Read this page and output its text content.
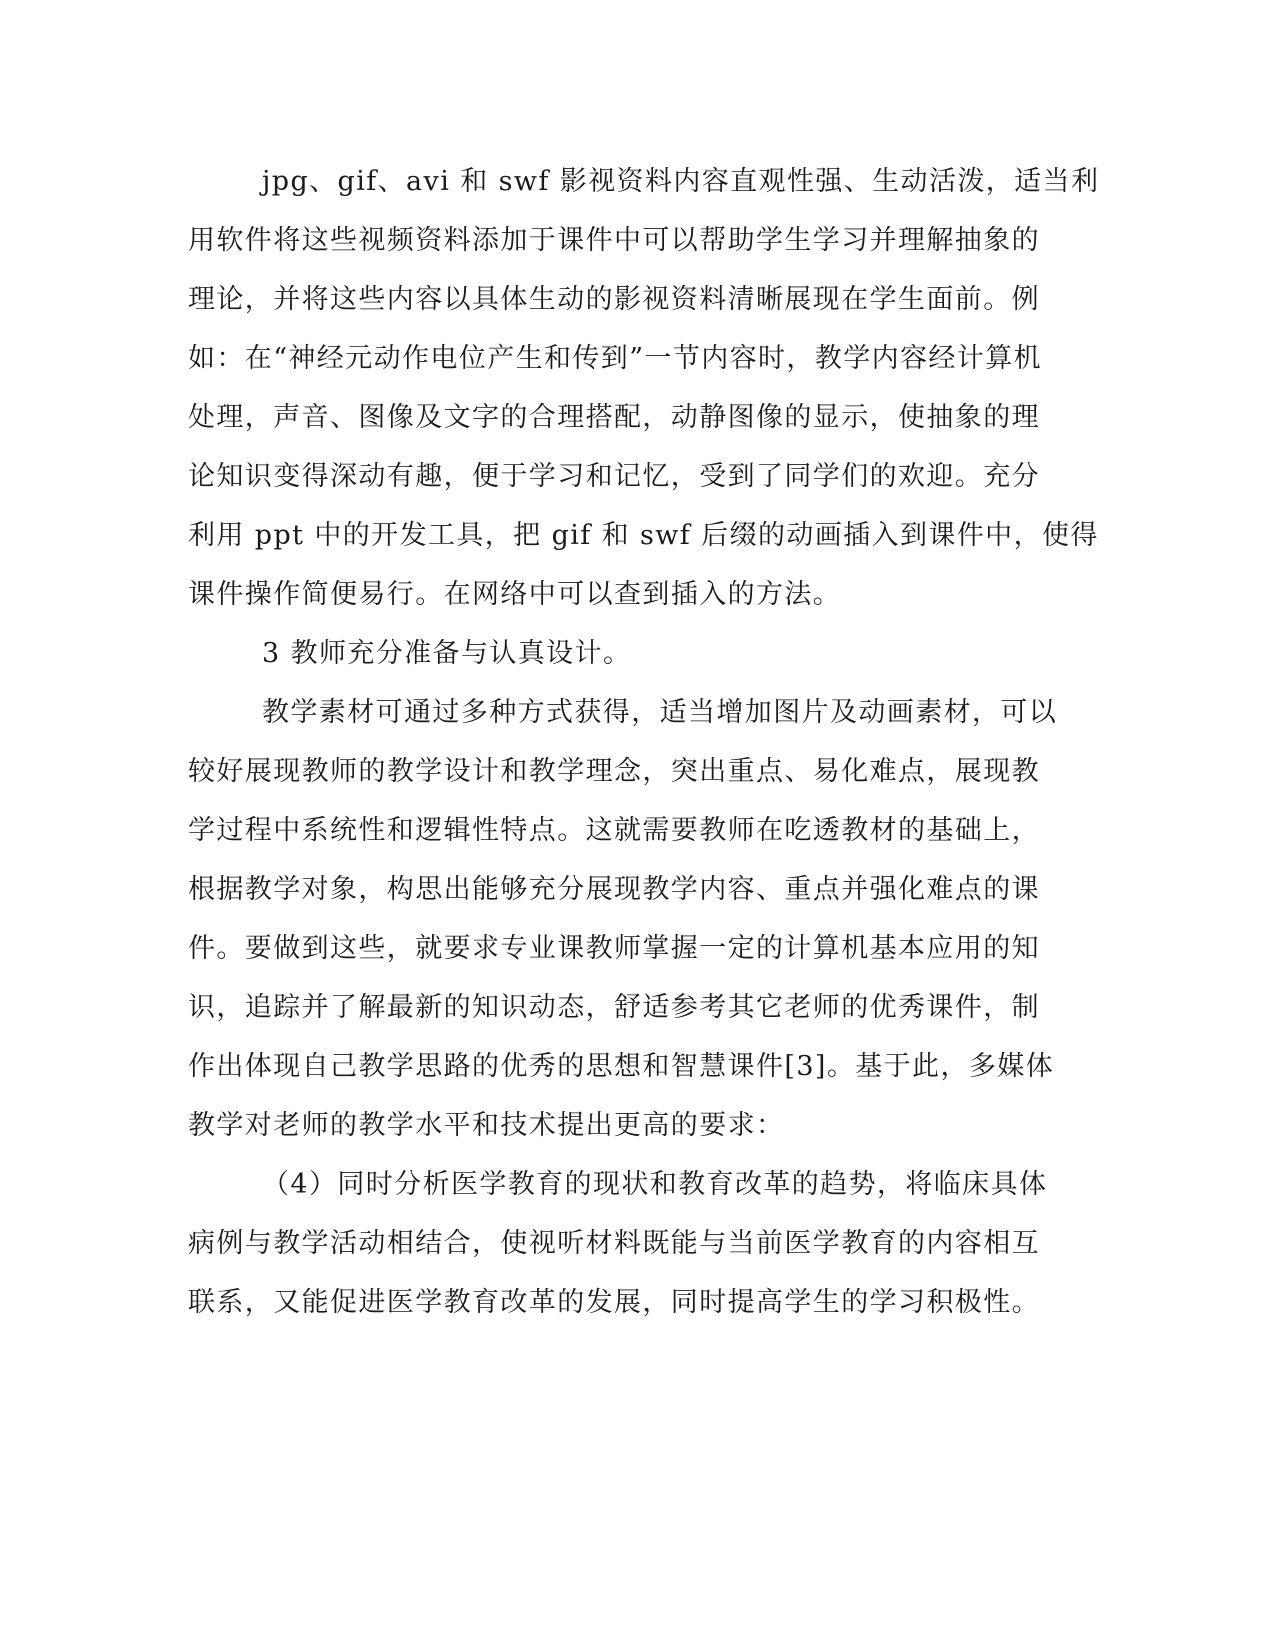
jpg、gif、avi 和 swf 影视资料内容直观性强、生动活泼，适当利
用软件将这些视频资料添加于课件中可以帮助学生学习并理解抽象的
理论，并将这些内容以具体生动的影视资料清晰展现在学生面前。例
如：在“神经元动作电位产生和传到”一节内容时，教学内容经计算机
处理，声音、图像及文字的合理搭配，动静图像的显示，使抽象的理
论知识变得深动有趣，便于学习和记忆，受到了同学们的欢迎。充分
利用 ppt 中的开发工具，把 gif 和 swf 后缀的动画插入到课件中，使得
课件操作简便易行。在网络中可以查到插入的方法。
3 教师充分准备与认真设计。
教学素材可通过多种方式获得，适当增加图片及动画素材，可以
较好展现教师的教学设计和教学理念，突出重点、易化难点，展现教
学过程中系统性和逻辑性特点。这就需要教师在吃透教材的基础上，
根据教学对象，构思出能够充分展现教学内容、重点并强化难点的课
件。要做到这些，就要求专业课教师掌握一定的计算机基本应用的知
识，追踪并了解最新的知识动态，舒适参考其它老师的优秀课件，制
作出体现自己教学思路的优秀的思想和智慧课件[3]。基于此，多媒体
教学对老师的教学水平和技术提出更高的要求：
（4）同时分析医学教育的现状和教育改革的趋势，将临床具体
病例与教学活动相结合，使视听材料既能与当前医学教育的内容相互
联系，又能促进医学教育改革的发展，同时提高学生的学习积极性。
